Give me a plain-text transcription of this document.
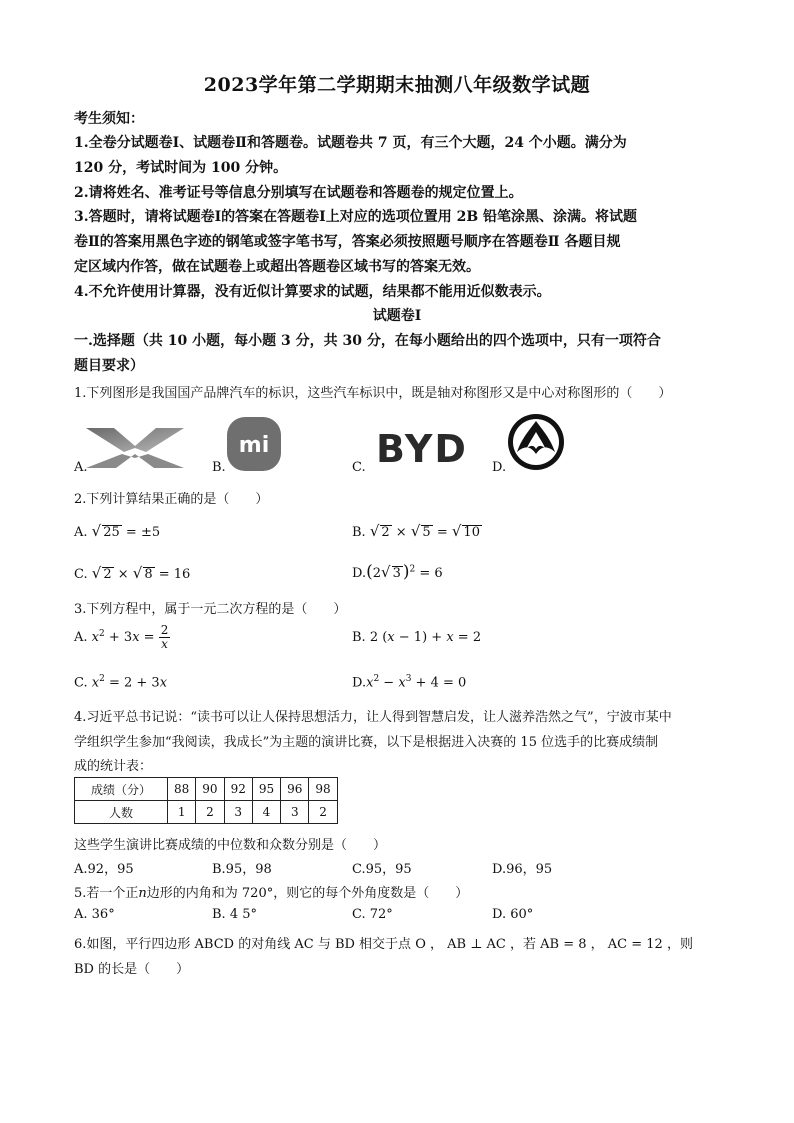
2023学年第二学期期末抽测八年级数学试题
考生须知：
1.全卷分试题卷Ⅰ、试题卷Ⅱ和答题卷。试题卷共 7 页，有三个大题，24 个小题。满分为
120 分，考试时间为 100 分钟。
2.请将姓名、准考证号等信息分别填写在试题卷和答题卷的规定位置上。
3.答题时，请将试题卷Ⅰ的答案在答题卷Ⅰ上对应的选项位置用 2B 铅笔涂黑、涂满。将试题
卷Ⅱ的答案用黑色字迹的钢笔或签字笔书写，答案必须按照题号顺序在答题卷Ⅱ 各题目规
定区域内作答，做在试题卷上或超出答题卷区域书写的答案无效。
4.不允许使用计算器，没有近似计算要求的试题，结果都不能用近似数表示。
试题卷Ⅰ
一.选择题（共 10 小题，每小题 3 分，共 30 分，在每小题给出的四个选项中，只有一项符合
题目要求）
1.下列图形是我国国产品牌汽车的标识，这些汽车标识中，既是轴对称图形又是中心对称图形的（　　）
A.	B.
mi
C. BYD D.
2.下列计算结果正确的是（　　）
A. √ 25 = ±5	B. √ 2 × √ 5 = √ 10
C. √ 2 × √ 8 = 16	D.(2√ 3 )$^2$ = 6
3.下列方程中，属于一元二次方程的是（　　）
A. $x^2 + 3x = \frac{2}{x}$	B. 2 (x − 1) + x = 2
C. $x^2 = 2 + 3x$	$D.x^2 - x^3 + 4 = 0$
4.习近平总书记说：“读书可以让人保持思想活力，让人得到智慧启发，让人滋养浩然之气”，宁波市某中
学组织学生参加“我阅读，我成长”为主题的演讲比赛，以下是根据进入决赛的 15 位选手的比赛成绩制
成的统计表：
成绩（分）	88	90	92	95	96	98
人数	1	2	3	4	3	2
这些学生演讲比赛成绩的中位数和众数分别是（　　）
A.92，95	B.95，98	C.95，95	D.96，95
5.若一个正n边形的内角和为 720°，则它的每个外角度数是（　　）
A. 36°	B. 4 5°	C. 72°	D. 60°
6.如图，平行四边形 ABCD 的对角线 AC 与 BD 相交于点 O ， AB ⊥ AC ，若 AB = 8 ， AC = 12 ，则
BD 的长是（　　）
